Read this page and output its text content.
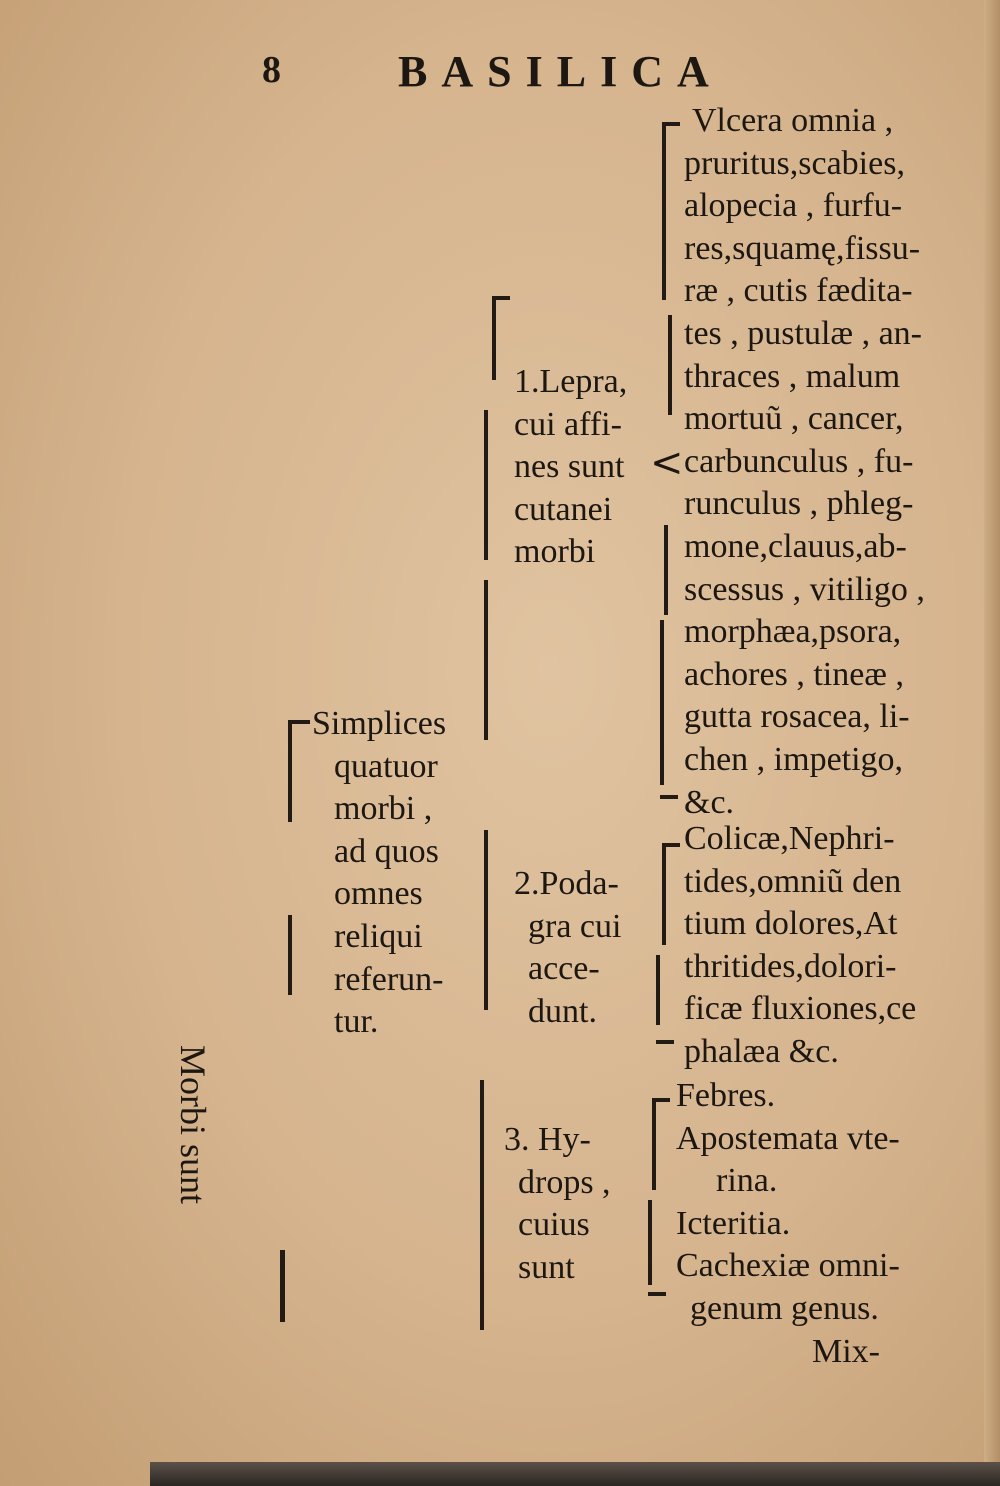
8	BASILICA
Morbi sunt
Simplices
quatuor
morbi ,
ad quos
omnes
reliqui
referun-
tur.
1.Lepra,
cui affi-
nes sunt
cutanei
morbi
2.Poda-
gra cui
acce-
dunt.
3. Hy-
drops ,
cuius
sunt
<
Vlcera omnia ,
pruritus,scabies,
alopecia , furfu-
res,squamę,fissu-
ræ , cutis fædita-
tes , pustulæ , an-
thraces , malum
mortuũ , cancer,
carbunculus , fu-
runculus , phleg-
mone,clauus,ab-
scessus , vitiligo ,
morphæa,psora,
achores , tineæ ,
gutta rosacea, li-
chen , impetigo,
&c.
Colicæ,Nephri-
tides,omniũ den
tium dolores,At
thritides,dolori-
ficæ fluxiones,ce
phalæa &c.
Febres.
Apostemata vte-
rina.
Icteritia.
Cachexiæ omni-
genum genus.
Mix-
